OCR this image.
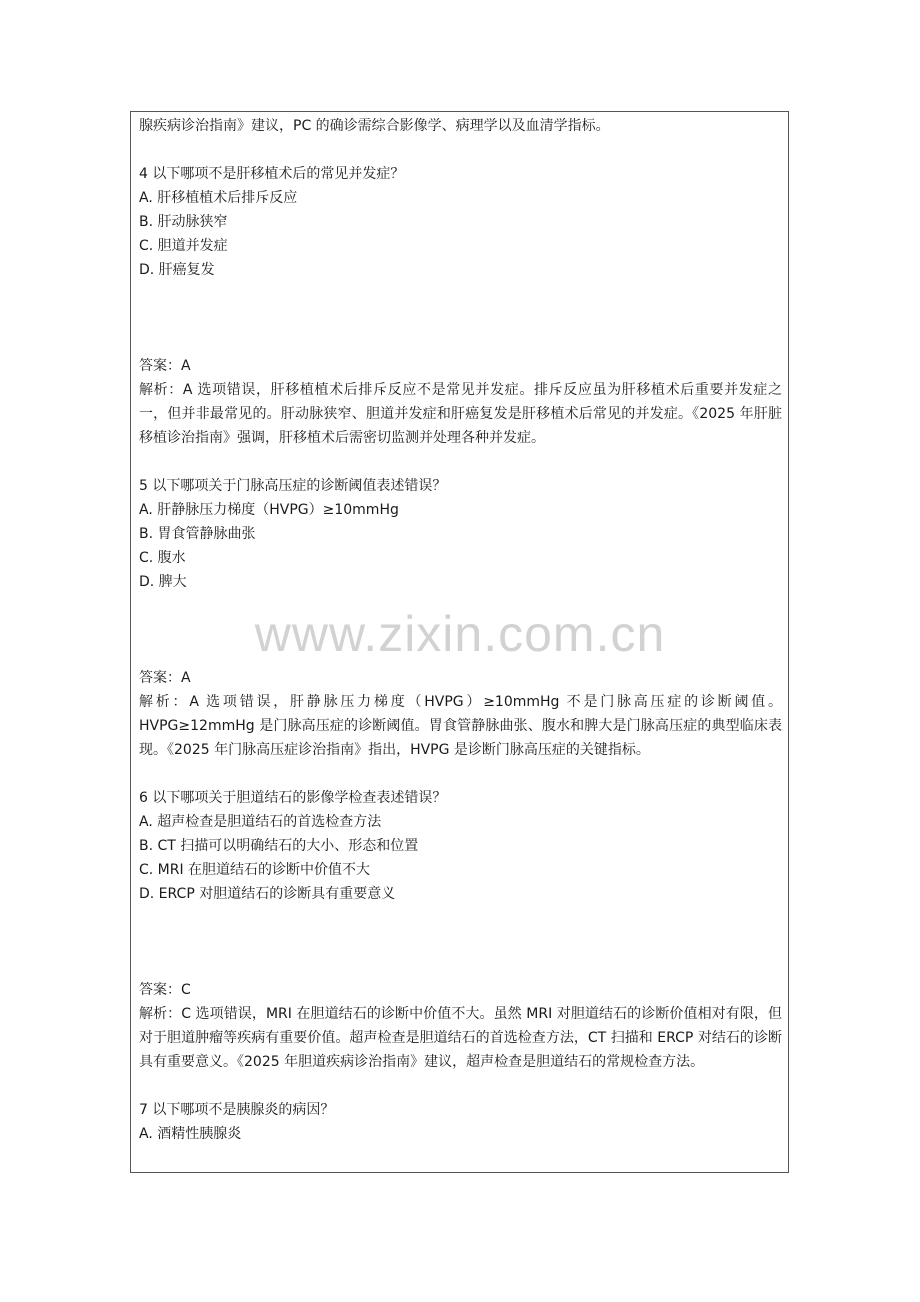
腺疾病诊治指南》建议，PC 的确诊需综合影像学、病理学以及血清学指标。
4 以下哪项不是肝移植术后的常见并发症？
A. 肝移植植术后排斥反应
B. 肝动脉狭窄
C. 胆道并发症
D. 肝癌复发
答案：A
解析：A 选项错误，肝移植植术后排斥反应不是常见并发症。排斥反应虽为肝移植术后重要并发症之一，但并非最常见的。肝动脉狭窄、胆道并发症和肝癌复发是肝移植术后常见的并发症。《2025 年肝脏移植诊治指南》强调，肝移植术后需密切监测并处理各种并发症。
5 以下哪项关于门脉高压症的诊断阈值表述错误？
A. 肝静脉压力梯度（HVPG）≥10mmHg
B. 胃食管静脉曲张
C. 腹水
D. 脾大
答案：A
解析：A 选项错误，肝静脉压力梯度（HVPG）≥10mmHg 不是门脉高压症的诊断阈值。HVPG≥12mmHg 是门脉高压症的诊断阈值。胃食管静脉曲张、腹水和脾大是门脉高压症的典型临床表现。《2025 年门脉高压症诊治指南》指出，HVPG 是诊断门脉高压症的关键指标。
6 以下哪项关于胆道结石的影像学检查表述错误？
A. 超声检查是胆道结石的首选检查方法
B. CT 扫描可以明确结石的大小、形态和位置
C. MRI 在胆道结石的诊断中价值不大
D. ERCP 对胆道结石的诊断具有重要意义
答案：C
解析：C 选项错误，MRI 在胆道结石的诊断中价值不大。虽然 MRI 对胆道结石的诊断价值相对有限，但对于胆道肿瘤等疾病有重要价值。超声检查是胆道结石的首选检查方法，CT 扫描和 ERCP 对结石的诊断具有重要意义。《2025 年胆道疾病诊治指南》建议，超声检查是胆道结石的常规检查方法。
7 以下哪项不是胰腺炎的病因？
A. 酒精性胰腺炎
www.zixin.com.cn
